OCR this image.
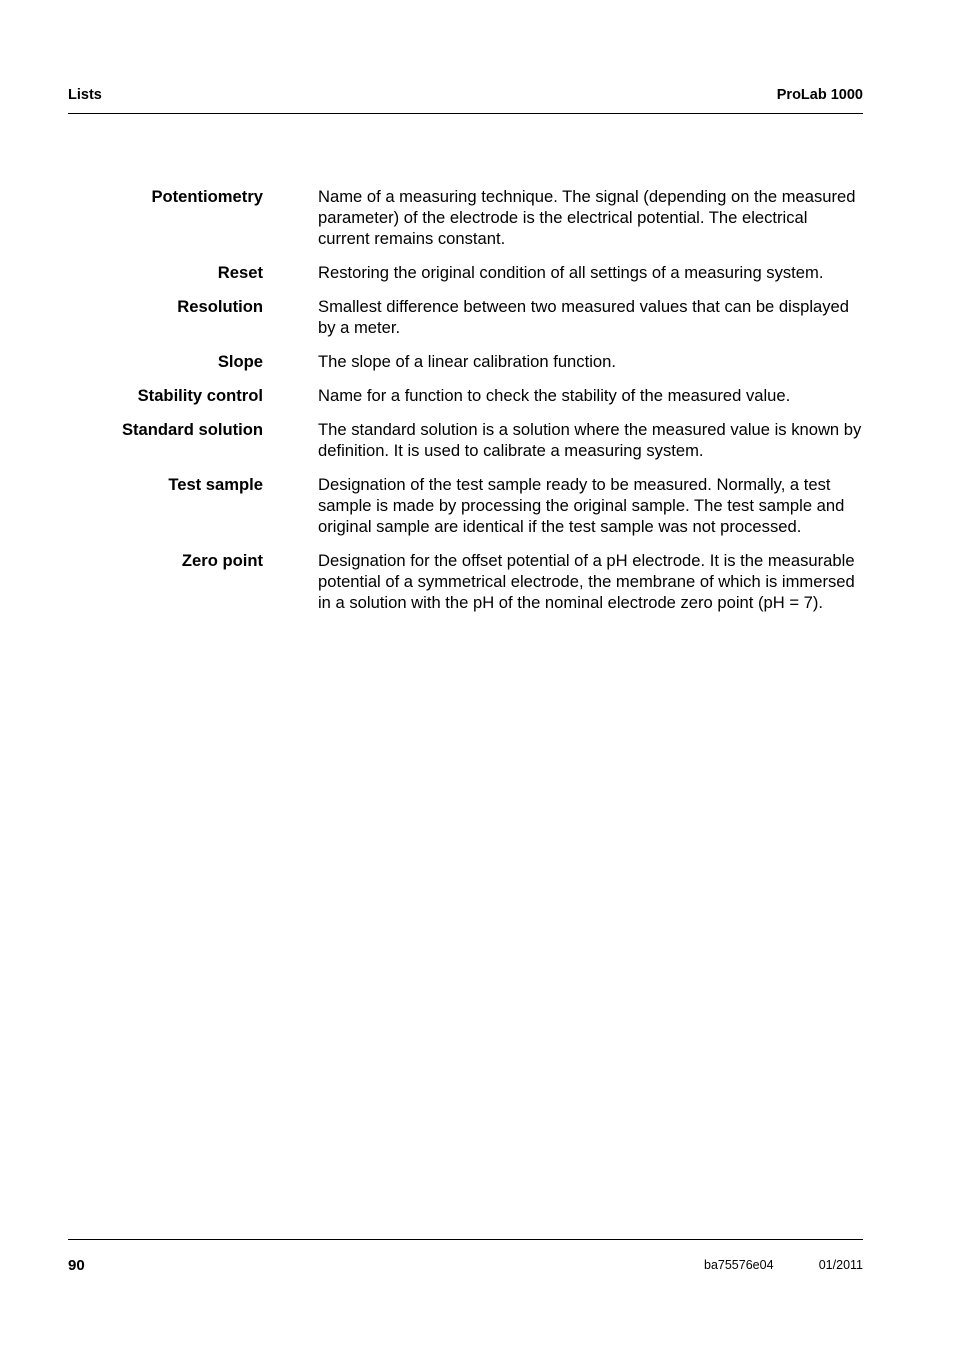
Lists	ProLab 1000
Potentiometry	Name of a measuring technique. The signal (depending on the measured parameter) of the electrode is the electrical potential. The electrical current remains constant.
Reset	Restoring the original condition of all settings of a measuring system.
Resolution	Smallest difference between two measured values that can be displayed by a meter.
Slope	The slope of a linear calibration function.
Stability control	Name for a function to check the stability of the measured value.
Standard solution	The standard solution is a solution where the measured value is known by definition. It is used to calibrate a measuring system.
Test sample	Designation of the test sample ready to be measured. Normally, a test sample is made by processing the original sample. The test sample and original sample are identical if the test sample was not processed.
Zero point	Designation for the offset potential of a pH electrode. It is the measurable potential of a symmetrical electrode, the membrane of which is immersed in a solution with the pH of the nominal electrode zero point (pH = 7).
90	ba75576e04	01/2011
